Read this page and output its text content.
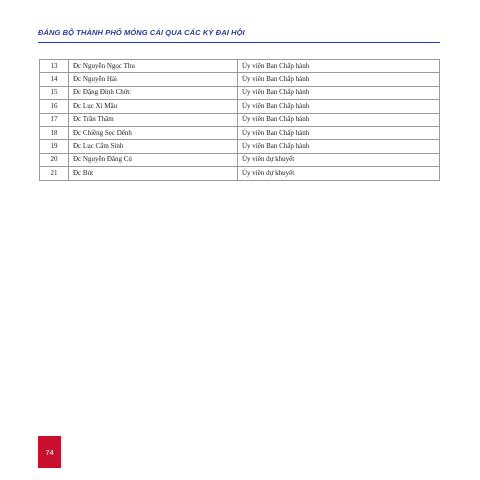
ĐẢNG BỘ THÀNH PHỐ MÓNG CÁI QUA CÁC KỲ ĐẠI HỘI
13	Đc Nguyễn Ngọc Thu	Ủy viên Ban Chấp hành
14	Đc Nguyễn Hải	Ủy viên Ban Chấp hành
15	Đc Đặng Đình Chức	Ủy viên Ban Chấp hành
16	Đc Lục Xí Mầu	Ủy viên Ban Chấp hành
17	Đc Trần Thâm	Ủy viên Ban Chấp hành
18	Đc Chiềng Sẹc Dểnh	Ủy viên Ban Chấp hành
19	Đc Lục Cẩm Sinh	Ủy viên Ban Chấp hành
20	Đc Nguyễn Đăng Củ	Ủy viên dự khuyết
21	Đc Bút	Ủy viên dự khuyết
74
